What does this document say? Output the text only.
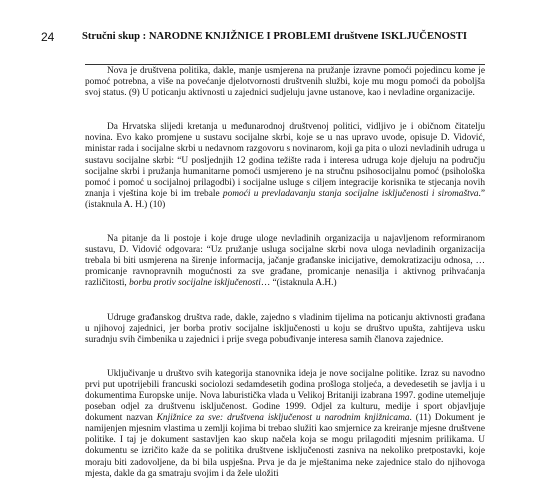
24	Stručni skup : NARODNE KNJIŽNICE I PROBLEMI društvene ISKLJUČENOSTI

Nova je društvena politika, dakle, manje usmjerena na pružanje izravne pomoći pojedincu kome je pomoć potrebna, a više na povećanje djelotvornosti društvenih službi, koje mu mogu pomoći da poboljša svoj status. (9) U poticanju aktivnosti u zajednici sudjeluju javne ustanove, kao i nevladine organizacije.

Da Hrvatska slijedi kretanja u međunarodnoj društvenoj politici, vidljivo je i običnom čitatelju novina. Evo kako promjene u sustavu socijalne skrbi, koje se u nas upravo uvode, opisuje D. Vidović, ministar rada i socijalne skrbi u nedavnom razgovoru s novinarom, koji ga pita o ulozi nevladinih udruga u sustavu socijalne skrbi: “U posljednjih 12 godina težište rada i interesa udruga koje djeluju na području socijalne skrbi i pružanja humanitarne pomoći usmjereno je na stručnu psihosocijalnu pomoć (psihološka pomoć i pomoć u socijalnoj prilagodbi) i socijalne usluge s ciljem integracije korisnika te stjecanja novih znanja i vještina koje bi im trebale pomoći u prevladavanju stanja socijalne isključenosti i siromaštva.” (istaknula A. H.) (10)

Na pitanje da li postoje i koje druge uloge nevladinih organizacija u najavljenom reformiranom sustavu, D. Vidović odgovara: “Uz pružanje usluga socijalne skrbi nova uloga nevladinih organizacija trebala bi biti usmjerena na širenje informacija, jačanje građanske inicijative, demokratizaciju odnosa, … promicanje ravnopravnih mogućnosti za sve građane, promicanje nenasilja i aktivnog prihvaćanja različitosti, borbu protiv socijalne isključenosti… “(istaknula A.H.)

Udruge građanskog društva rade, dakle, zajedno s vladinim tijelima na poticanju aktivnosti građana u njihovoj zajednici, jer borba protiv socijalne isključenosti u koju se društvo upušta, zahtijeva usku suradnju svih čimbenika u zajednici i prije svega pobuđivanje interesa samih članova zajednice.

Uključivanje u društvo svih kategorija stanovnika ideja je nove socijalne politike. Izraz su navodno prvi put upotrijebili francuski sociolozi sedamdesetih godina prošloga stoljeća, a devedesetih se javlja i u dokumentima Europske unije. Nova laburistička vlada u Velikoj Britaniji izabrana 1997. godine utemeljuje poseban odjel za društvenu isključenost. Godine 1999. Odjel za kulturu, medije i sport objavljuje dokument nazvan Knjižnice za sve: društvena isključenost u narodnim knjižnicama. (11) Dokument je namijenjen mjesnim vlastima u zemlji kojima bi trebao služiti kao smjernice za kreiranje mjesne društvene politike. I taj je dokument sastavljen kao skup načela koja se mogu prilagoditi mjesnim prilikama. U dokumentu se izričito kaže da se politika društvene isključenosti zasniva na nekoliko pretpostavki, koje moraju biti zadovoljene, da bi bila uspješna. Prva je da je mještanima neke zajednice stalo do njihovoga mjesta, dakle da ga smatraju svojim i da žele uložiti
